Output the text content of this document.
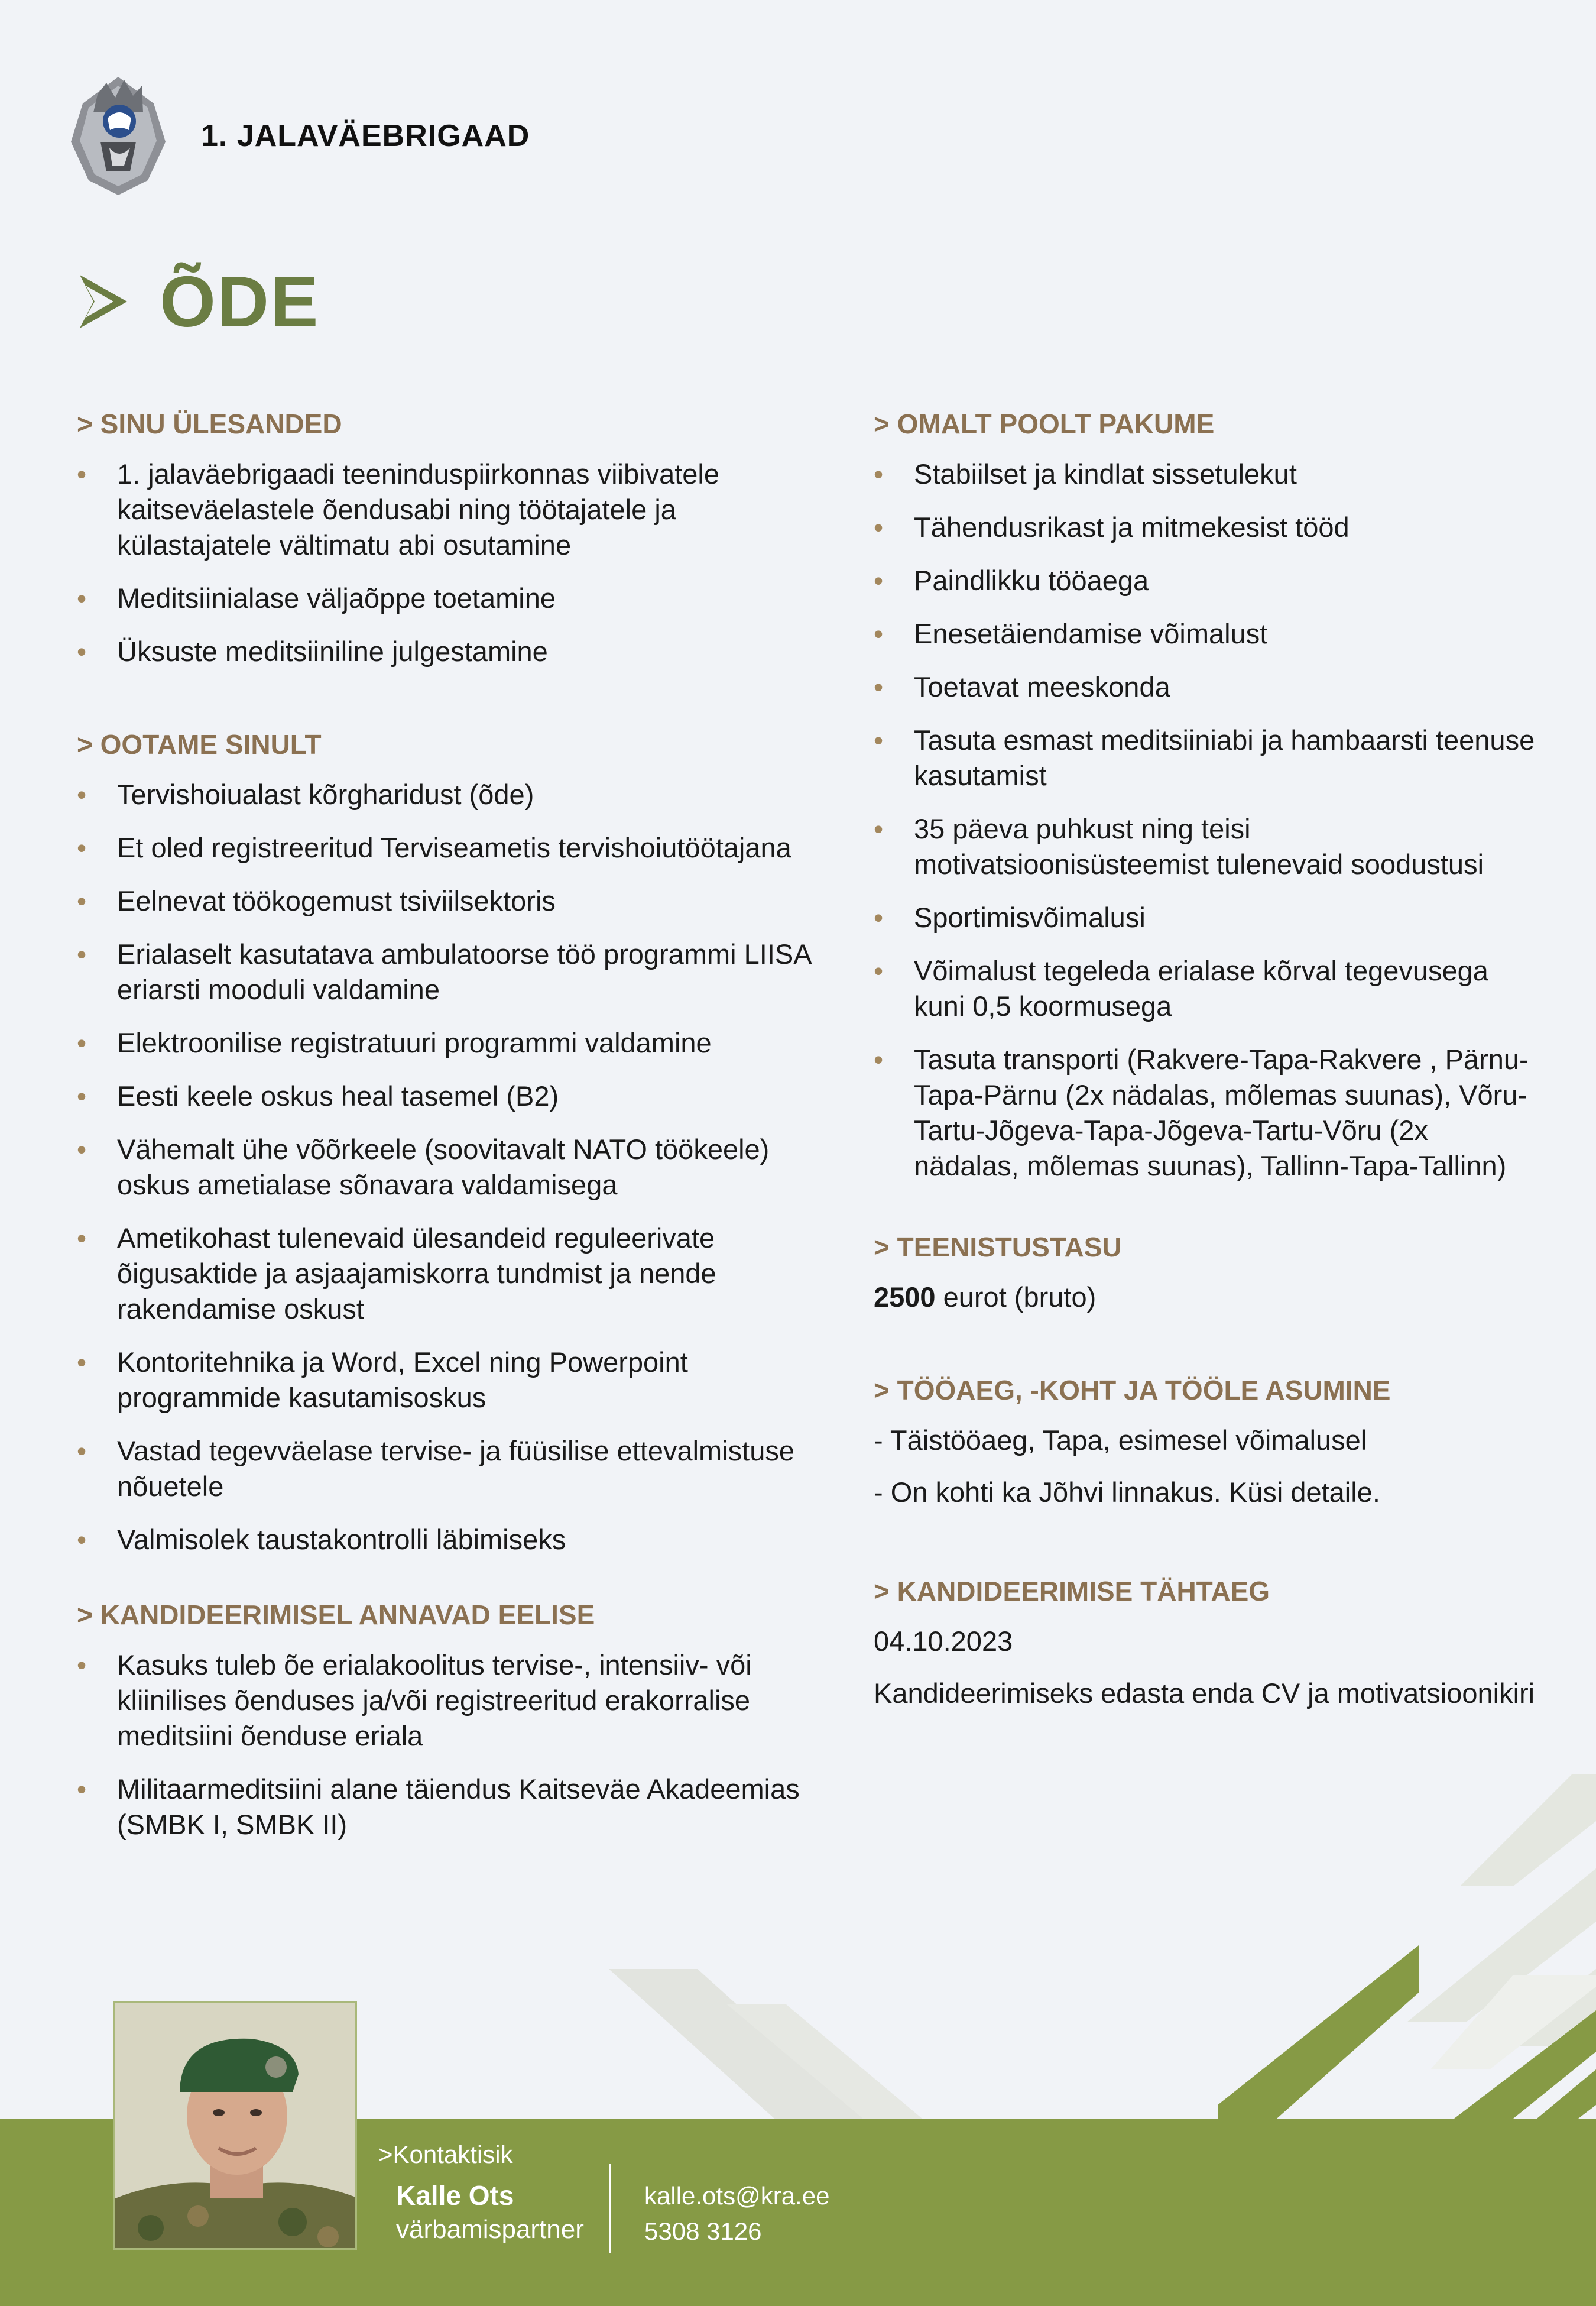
1. JALAVÄEBRIGAAD
ÕDE
> SINU ÜLESANDED
• 1. jalaväebrigaadi teeninduspiirkonnas viibivatele kaitseväelastele õendusabi ning töötajatele ja külastajatele vältimatu abi osutamine
• Meditsiinialase väljaõppe toetamine
• Üksuste meditsiiniline julgestamine
> OOTAME SINULT
• Tervishoiualast kõrgharidust (õde)
• Et oled registreeritud Terviseametis tervishoiutöötajana
• Eelnevat töökogemust tsiviilsektoris
• Erialaselt kasutatava ambulatoorse töö programmi LIISA eriarsti mooduli valdamine
• Elektroonilise registratuuri programmi valdamine
• Eesti keele oskus heal tasemel (B2)
• Vähemalt ühe võõrkeele (soovitavalt NATO töökeele) oskus ametialase sõnavara valdamisega
• Ametikohast tulenevaid ülesandeid reguleerivate õigusaktide ja asjaajamiskorra tundmist ja nende rakendamise oskust
• Kontoritehnika ja Word, Excel ning Powerpoint programmide kasutamisoskus
• Vastad tegevväelase tervise- ja füüsilise ettevalmistuse nõuetele
• Valmisolek taustakontrolli läbimiseks
> KANDIDEERIMISEL ANNAVAD EELISE
• Kasuks tuleb õe erialakoolitus tervise-, intensiiv- või kliinilises õenduses ja/või registreeritud erakorralise meditsiini õenduse eriala
• Militaarmeditsiini alane täiendus Kaitseväe Akadeemias (SMBK I, SMBK II)
> OMALT POOLT PAKUME
• Stabiilset ja kindlat sissetulekut
• Tähendusrikast ja mitmekesist tööd
• Paindlikku tööaega
• Enesetäiendamise võimalust
• Toetavat meeskonda
• Tasuta esmast meditsiiniabi ja hambaarsti teenuse kasutamist
• 35 päeva puhkust ning teisi motivatsioonisüsteemist tulenevaid soodustusi
• Sportimisvõimalusi
• Võimalust tegeleda erialase kõrval tegevusega kuni 0,5 koormusega
• Tasuta transporti (Rakvere-Tapa-Rakvere , Pärnu-Tapa-Pärnu (2x nädalas, mõlemas suunas), Võru-Tartu-Jõgeva-Tapa-Jõgeva-Tartu-Võru (2x nädalas, mõlemas suunas), Tallinn-Tapa-Tallinn)
> TEENISTUSTASU
2500 eurot (bruto)
> TÖÖAEG, -KOHT JA TÖÖLE ASUMINE
- Täistööaeg, Tapa, esimesel võimalusel
- On kohti ka Jõhvi linnakus. Küsi detaile.
> KANDIDEERIMISE TÄHTAEG
04.10.2023
Kandideerimiseks edasta enda CV ja motivatsioonikiri
>Kontaktisik
Kalle Ots
värbamispartner
kalle.ots@kra.ee
5308 3126
